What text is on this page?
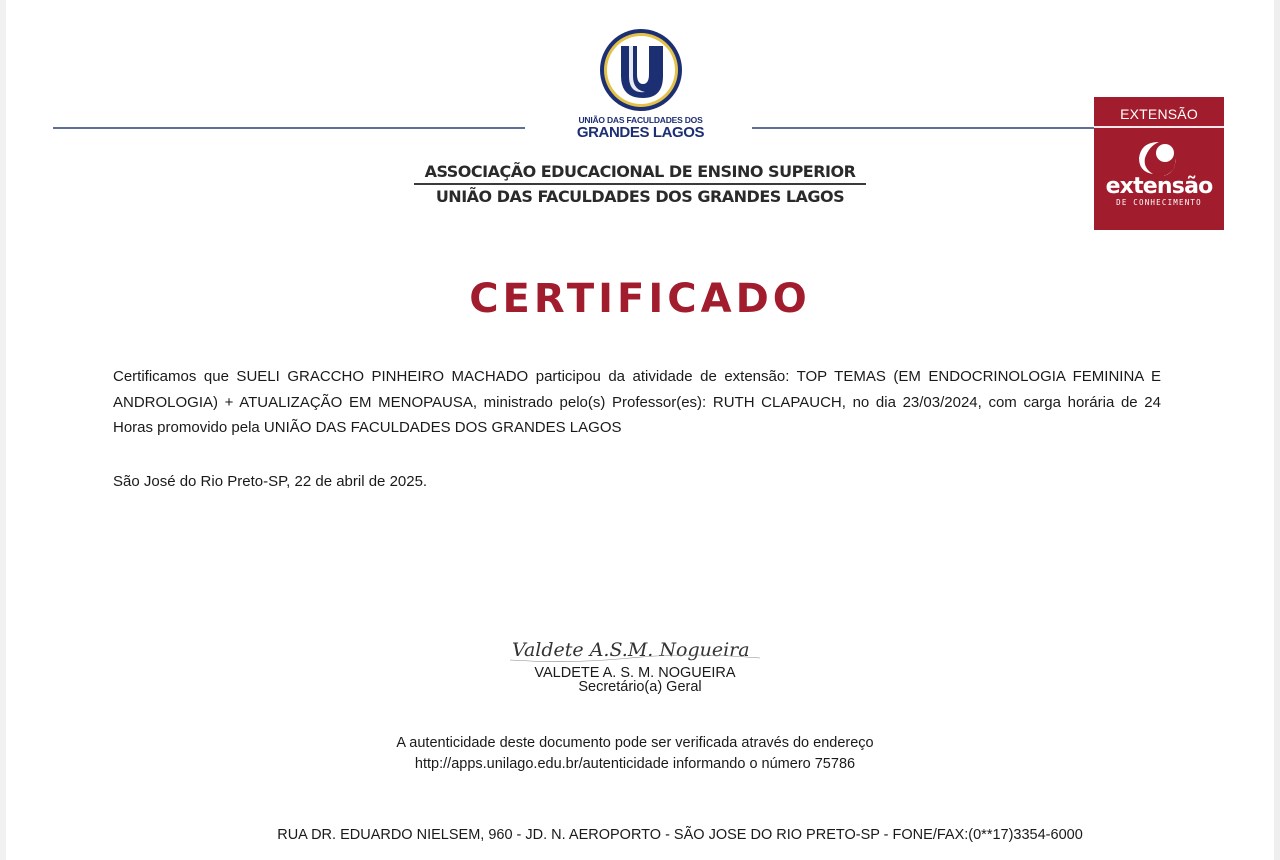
UNIÃO DAS FACULDADES DOS
GRANDES LAGOS
ASSOCIAÇÃO EDUCACIONAL DE ENSINO SUPERIOR
UNIÃO DAS FACULDADES DOS GRANDES LAGOS
EXTENSÃO
extensão
DE CONHECIMENTO
CERTIFICADO
Certificamos que SUELI GRACCHO PINHEIRO MACHADO participou da atividade de extensão: TOP TEMAS (EM ENDOCRINOLOGIA FEMININA E ANDROLOGIA) + ATUALIZAÇÃO EM MENOPAUSA, ministrado pelo(s) Professor(es): RUTH CLAPAUCH, no dia 23/03/2024, com carga horária de 24 Horas promovido pela UNIÃO DAS FACULDADES DOS GRANDES LAGOS
São José do Rio Preto-SP, 22 de abril de 2025.
Valdete A.S.M. Nogueira
VALDETE A. S. M. NOGUEIRA
Secretário(a) Geral
A autenticidade deste documento pode ser verificada através do endereço
http://apps.unilago.edu.br/autenticidade informando o número 75786
RUA DR. EDUARDO NIELSEM, 960 - JD. N. AEROPORTO - SÃO JOSE DO RIO PRETO-SP - FONE/FAX:(0**17)3354-6000
